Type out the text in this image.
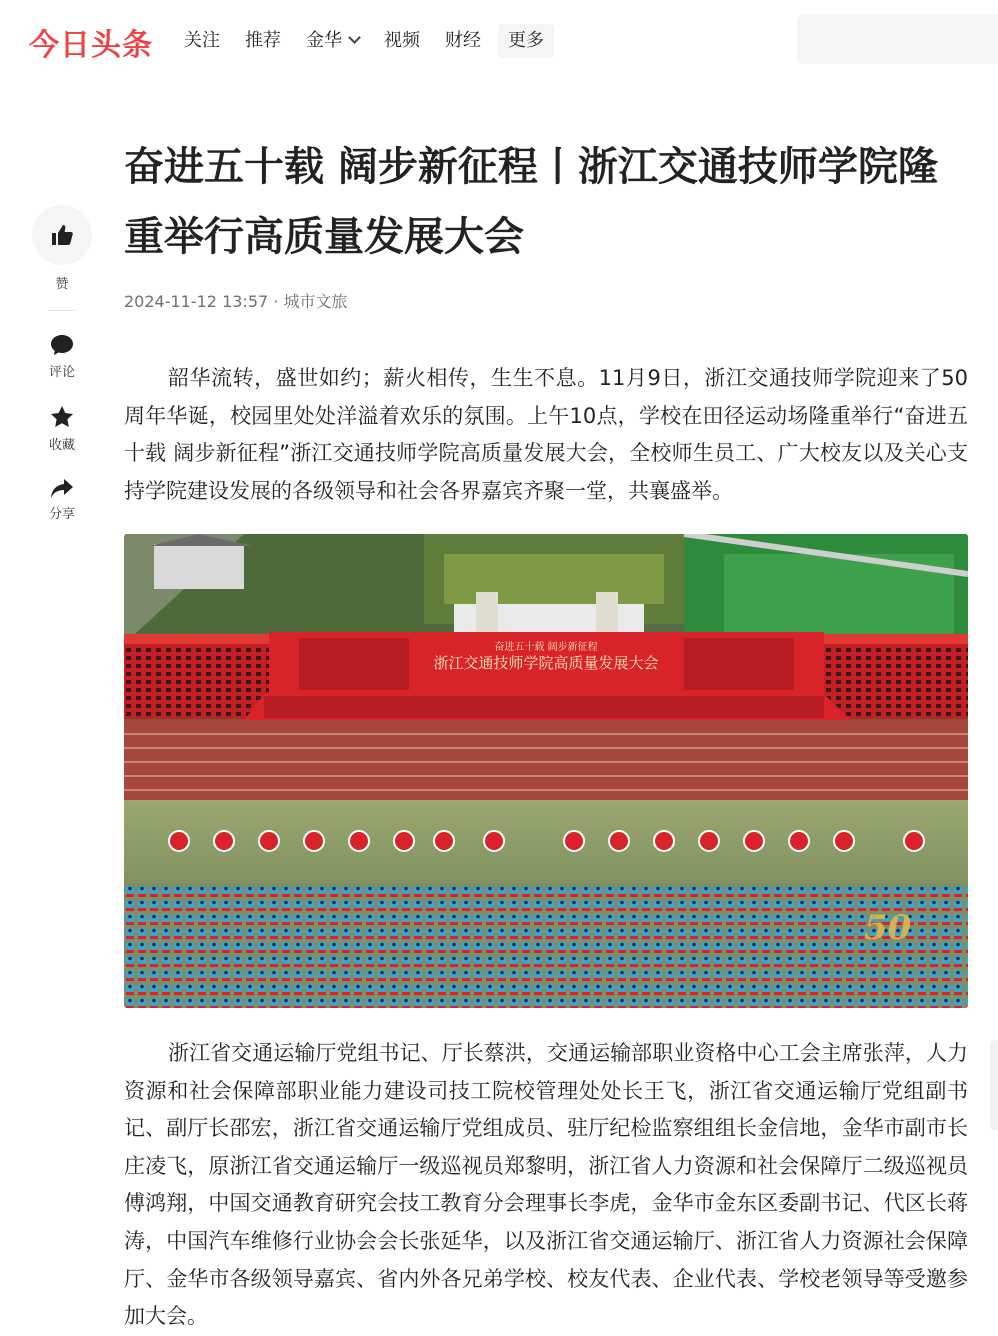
今日头条 关注 推荐 金华	视频 财经	更多
赞
评论
收藏
分享
奋进五十载 阔步新征程丨浙江交通技师学院隆重举行高质量发展大会
2024-11-12 13:57 · 城市文旅

韶华流转，盛世如约；薪火相传，生生不息。11月9日，浙江交通技师学院迎来了50周年华诞，校园里处处洋溢着欢乐的氛围。上午10点，学校在田径运动场隆重举行“奋进五十载 阔步新征程”浙江交通技师学院高质量发展大会，全校师生员工、广大校友以及关心支持学院建设发展的各级领导和社会各界嘉宾齐聚一堂，共襄盛举。

奋进五十载 阔步新征程
浙江交通技师学院高质量发展大会
50

浙江省交通运输厅党组书记、厅长蔡洪，交通运输部职业资格中心工会主席张萍，人力资源和社会保障部职业能力建设司技工院校管理处处长王飞，浙江省交通运输厅党组副书记、副厅长邵宏，浙江省交通运输厅党组成员、驻厅纪检监察组组长金信地，金华市副市长庄凌飞，原浙江省交通运输厅一级巡视员郑黎明，浙江省人力资源和社会保障厅二级巡视员傅鸿翔，中国交通教育研究会技工教育分会理事长李虎，金华市金东区委副书记、代区长蒋涛，中国汽车维修行业协会会长张延华，以及浙江省交通运输厅、浙江省人力资源社会保障厅、金华市各级领导嘉宾、省内外各兄弟学校、校友代表、企业代表、学校老领导等受邀参加大会。
